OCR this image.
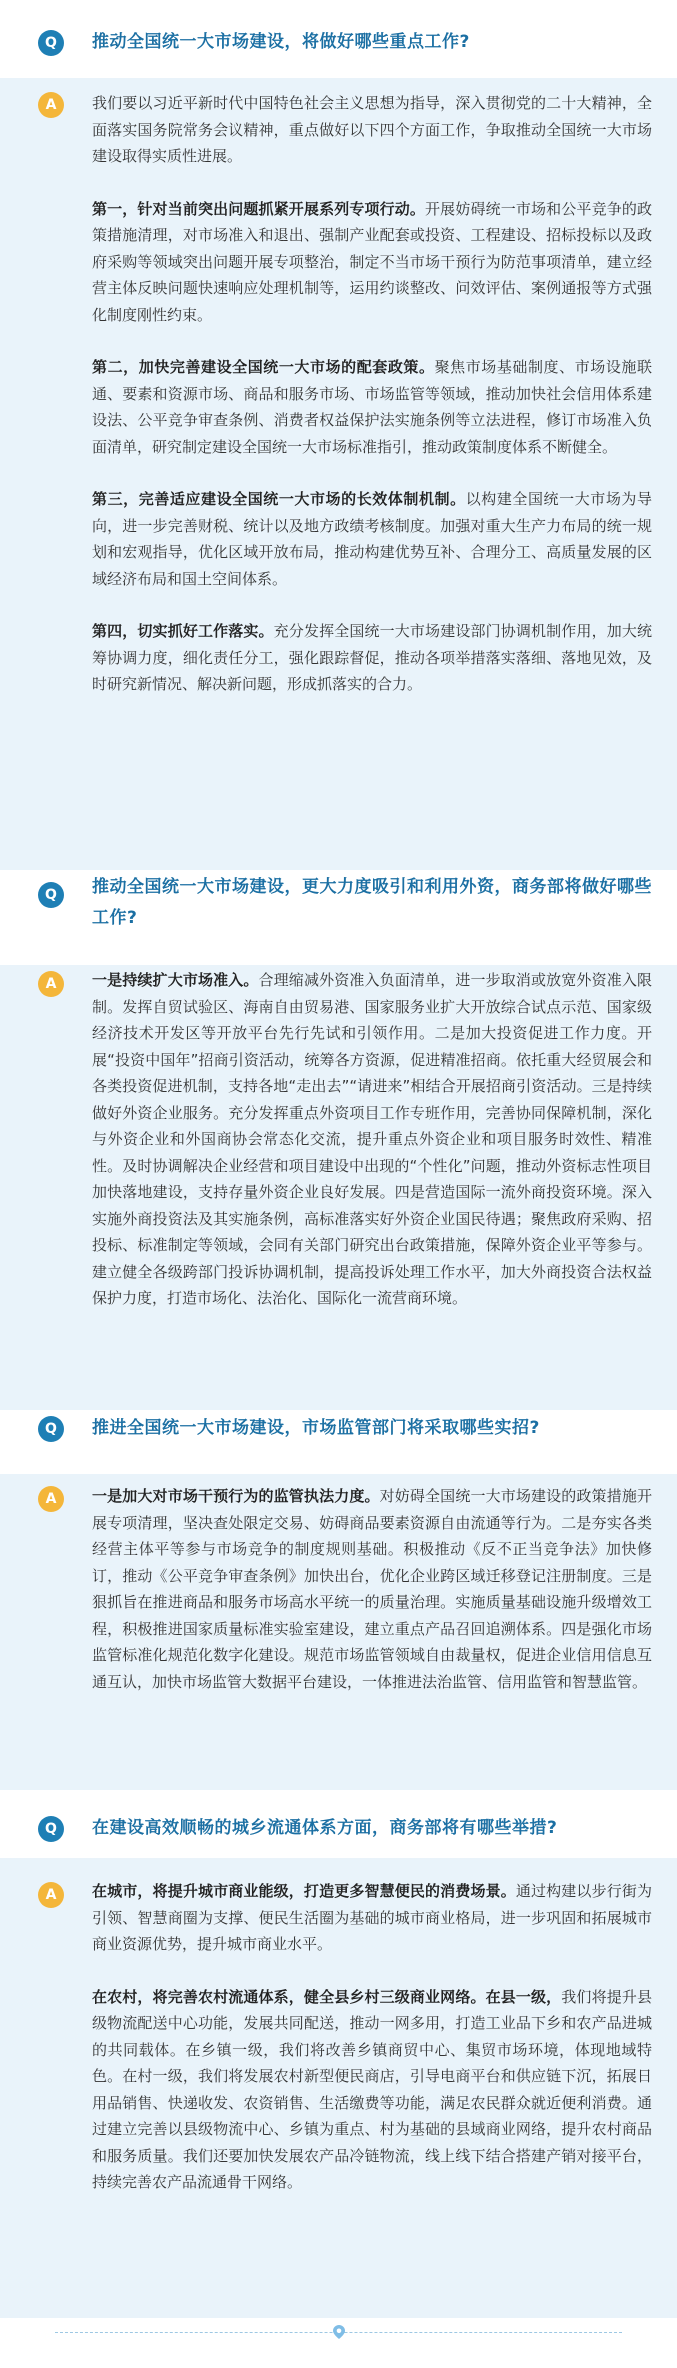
Q	推动全国统一大市场建设，将做好哪些重点工作?
A	我们要以习近平新时代中国特色社会主义思想为指导，深入贯彻党的二十大精神，全面落实国务院常务会议精神，重点做好以下四个方面工作，争取推动全国统一大市场建设取得实质性进展。

第一，针对当前突出问题抓紧开展系列专项行动。开展妨碍统一市场和公平竞争的政策措施清理，对市场准入和退出、强制产业配套或投资、工程建设、招标投标以及政府采购等领域突出问题开展专项整治，制定不当市场干预行为防范事项清单，建立经营主体反映问题快速响应处理机制等，运用约谈整改、问效评估、案例通报等方式强化制度刚性约束。

第二，加快完善建设全国统一大市场的配套政策。聚焦市场基础制度、市场设施联通、要素和资源市场、商品和服务市场、市场监管等领域，推动加快社会信用体系建设法、公平竞争审查条例、消费者权益保护法实施条例等立法进程，修订市场准入负面清单，研究制定建设全国统一大市场标准指引，推动政策制度体系不断健全。

第三，完善适应建设全国统一大市场的长效体制机制。以构建全国统一大市场为导向，进一步完善财税、统计以及地方政绩考核制度。加强对重大生产力布局的统一规划和宏观指导，优化区域开放布局，推动构建优势互补、合理分工、高质量发展的区域经济布局和国土空间体系。

第四，切实抓好工作落实。充分发挥全国统一大市场建设部门协调机制作用，加大统筹协调力度，细化责任分工，强化跟踪督促，推动各项举措落实落细、落地见效，及时研究新情况、解决新问题，形成抓落实的合力。

Q	推动全国统一大市场建设，更大力度吸引和利用外资，商务部将做好哪些工作?
A	一是持续扩大市场准入。合理缩减外资准入负面清单，进一步取消或放宽外资准入限制。发挥自贸试验区、海南自由贸易港、国家服务业扩大开放综合试点示范、国家级经济技术开发区等开放平台先行先试和引领作用。二是加大投资促进工作力度。开展“投资中国年”招商引资活动，统筹各方资源，促进精准招商。依托重大经贸展会和各类投资促进机制，支持各地“走出去”“请进来”相结合开展招商引资活动。三是持续做好外资企业服务。充分发挥重点外资项目工作专班作用，完善协同保障机制，深化与外资企业和外国商协会常态化交流，提升重点外资企业和项目服务时效性、精准性。及时协调解决企业经营和项目建设中出现的“个性化”问题，推动外资标志性项目加快落地建设，支持存量外资企业良好发展。四是营造国际一流外商投资环境。深入实施外商投资法及其实施条例，高标准落实好外资企业国民待遇；聚焦政府采购、招投标、标准制定等领域，会同有关部门研究出台政策措施，保障外资企业平等参与。建立健全各级跨部门投诉协调机制，提高投诉处理工作水平，加大外商投资合法权益保护力度，打造市场化、法治化、国际化一流营商环境。

Q	推进全国统一大市场建设，市场监管部门将采取哪些实招?
A	一是加大对市场干预行为的监管执法力度。对妨碍全国统一大市场建设的政策措施开展专项清理，坚决查处限定交易、妨碍商品要素资源自由流通等行为。二是夯实各类经营主体平等参与市场竞争的制度规则基础。积极推动《反不正当竞争法》加快修订，推动《公平竞争审查条例》加快出台，优化企业跨区域迁移登记注册制度。三是狠抓旨在推进商品和服务市场高水平统一的质量治理。实施质量基础设施升级增效工程，积极推进国家质量标准实验室建设，建立重点产品召回追溯体系。四是强化市场监管标准化规范化数字化建设。规范市场监管领域自由裁量权，促进企业信用信息互通互认，加快市场监管大数据平台建设，一体推进法治监管、信用监管和智慧监管。

Q	在建设高效顺畅的城乡流通体系方面，商务部将有哪些举措?
A	在城市，将提升城市商业能级，打造更多智慧便民的消费场景。通过构建以步行街为引领、智慧商圈为支撑、便民生活圈为基础的城市商业格局，进一步巩固和拓展城市商业资源优势，提升城市商业水平。

在农村，将完善农村流通体系，健全县乡村三级商业网络。在县一级，我们将提升县级物流配送中心功能，发展共同配送，推动一网多用，打造工业品下乡和农产品进城的共同载体。在乡镇一级，我们将改善乡镇商贸中心、集贸市场环境，体现地域特色。在村一级，我们将发展农村新型便民商店，引导电商平台和供应链下沉，拓展日用品销售、快递收发、农资销售、生活缴费等功能，满足农民群众就近便利消费。通过建立完善以县级物流中心、乡镇为重点、村为基础的县域商业网络，提升农村商品和服务质量。我们还要加快发展农产品冷链物流，线上线下结合搭建产销对接平台，持续完善农产品流通骨干网络。
